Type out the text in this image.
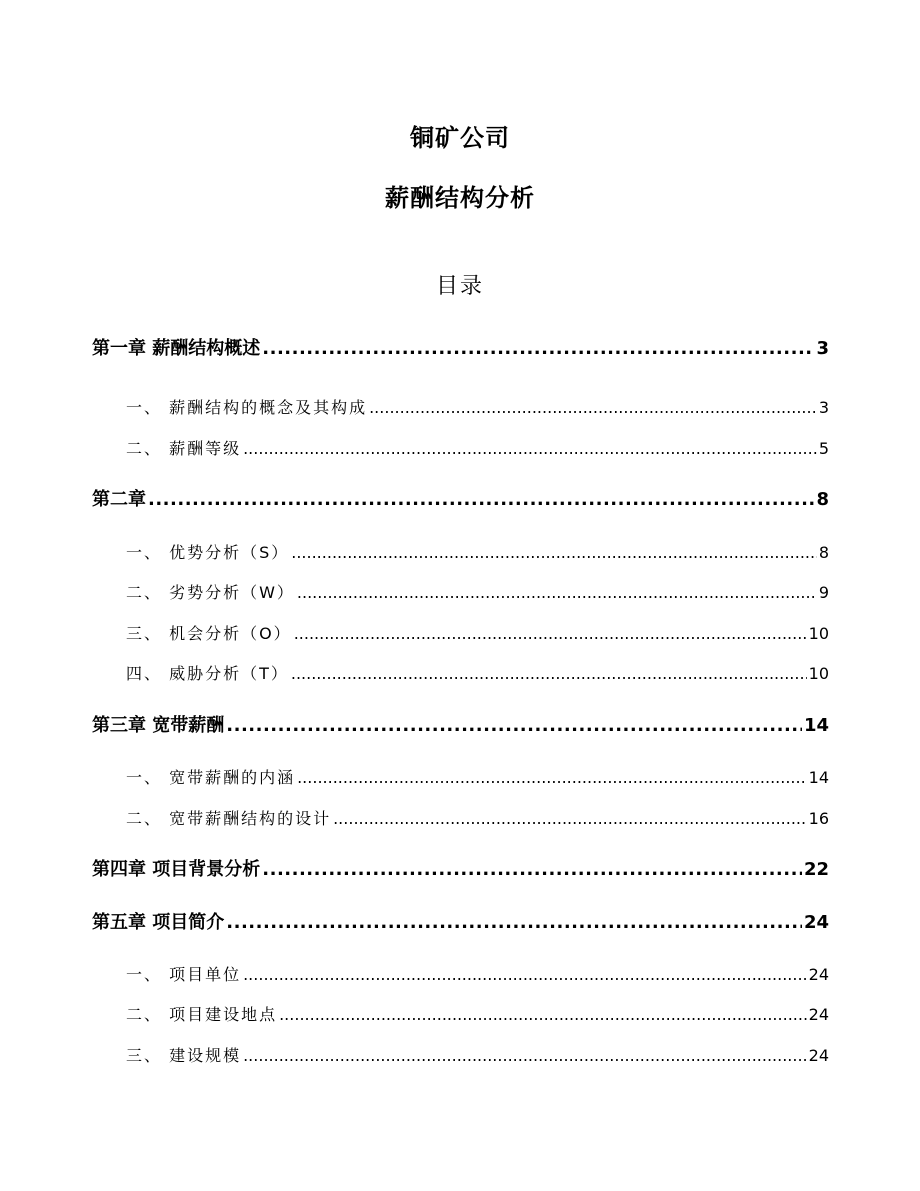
铜矿公司
薪酬结构分析
目录
第一章 薪酬结构概述 .....	3
一、 薪酬结构的概念及其构成 .....	3
二、 薪酬等级 .....	5
第二章 .....	8
一、 优势分析（S） .....	8
二、 劣势分析（W） .....	9
三、 机会分析（O） .....	10
四、 威胁分析（T） .....	10
第三章 宽带薪酬 .....	14
一、 宽带薪酬的内涵 .....	14
二、 宽带薪酬结构的设计 .....	16
第四章 项目背景分析 .....	22
第五章 项目简介 .....	24
一、 项目单位 .....	24
二、 项目建设地点 .....	24
三、 建设规模 .....	24
